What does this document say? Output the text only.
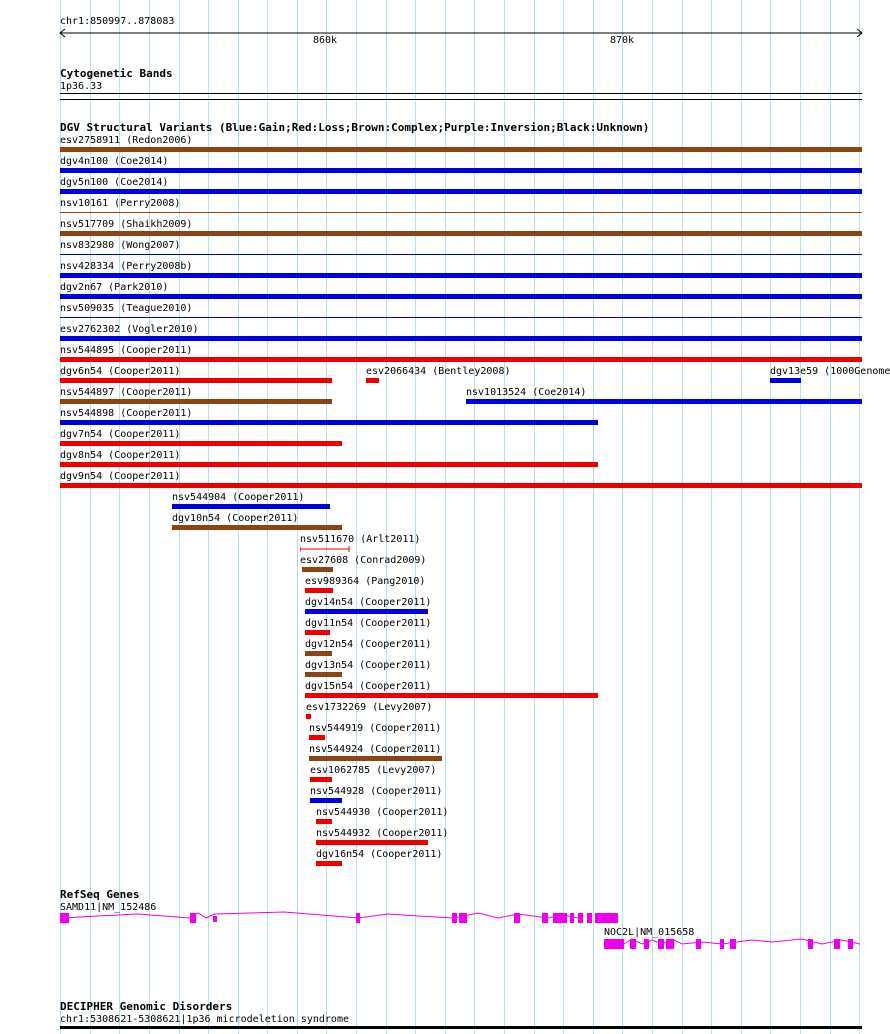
chr1:850997..878083
860k	870k
Cytogenetic Bands
1p36.33
DGV Structural Variants (Blue:Gain;Red:Loss;Brown:Complex;Purple:Inversion;Black:Unknown)
esv2758911 (Redon2006)
dgv4n100 (Coe2014)
dgv5n100 (Coe2014)
nsv10161 (Perry2008)
nsv517709 (Shaikh2009)
nsv832980 (Wong2007)
nsv428334 (Perry2008b)
dgv2n67 (Park2010)
nsv509035 (Teague2010)
esv2762302 (Vogler2010)
nsv544895 (Cooper2011)
dgv6n54 (Cooper2011)	esv2066434 (Bentley2008)	dgv13e59 (1000Genome
nsv544897 (Cooper2011)	nsv1013524 (Coe2014)
nsv544898 (Cooper2011)
dgv7n54 (Cooper2011)
dgv8n54 (Cooper2011)
dgv9n54 (Cooper2011)
nsv544904 (Cooper2011)
dgv10n54 (Cooper2011)
nsv511670 (Arlt2011)
esv27608 (Conrad2009)
esv989364 (Pang2010)
dgv14n54 (Cooper2011)
dgv11n54 (Cooper2011)
dgv12n54 (Cooper2011)
dgv13n54 (Cooper2011)
dgv15n54 (Cooper2011)
esv1732269 (Levy2007)
nsv544919 (Cooper2011)
nsv544924 (Cooper2011)
esv1062785 (Levy2007)
nsv544928 (Cooper2011)
nsv544930 (Cooper2011)
nsv544932 (Cooper2011)
dgv16n54 (Cooper2011)
RefSeq Genes
SAMD11|NM_152486
NOC2L|NM_015658
DECIPHER Genomic Disorders
chr1:5308621-5308621|1p36 microdeletion syndrome
